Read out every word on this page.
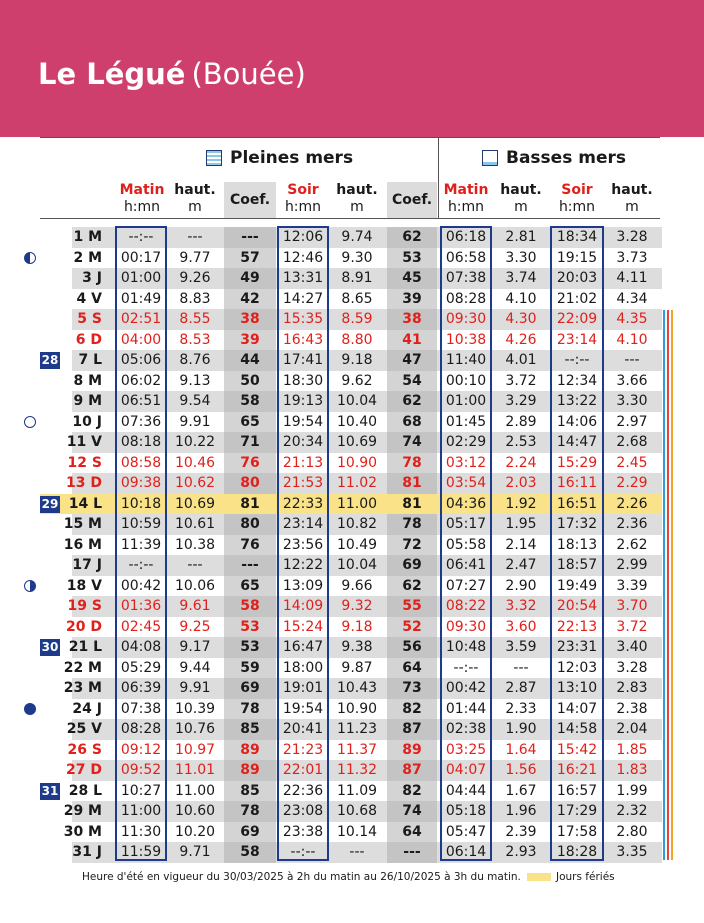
Le Légué (Bouée)
Pleines mers	Basses mers
Matin
h:mn
haut.
m	Coef.
Soir
h:mn
haut.
m	Coef.
Matin
h:mn
haut.
m
Soir
h:mn
haut.
m
1 M	--:--	---	---	12:06	9.74	62	06:18	2.81	18:34	3.28
2 M	00:17	9.77	57	12:46	9.30	53	06:58	3.30	19:15	3.73
3 J	01:00	9.26	49	13:31	8.91	45	07:38	3.74	20:03	4.11
4 V	01:49	8.83	42	14:27	8.65	39	08:28	4.10	21:02	4.34
5 S	02:51	8.55	38	15:35	8.59	38	09:30	4.30	22:09	4.35
6 D	04:00	8.53	39	16:43	8.80	41	10:38	4.26	23:14	4.10
7 L	05:06	8.76	44	17:41	9.18	47	11:40	4.01	--:--	---
8 M	06:02	9.13	50	18:30	9.62	54	00:10	3.72	12:34	3.66
9 M	06:51	9.54	58	19:13 10.04	62	01:00	3.29	13:22	3.30
10 J	07:36	9.91	65	19:54 10.40	68	01:45	2.89	14:06	2.97
11 V	08:18 10.22	71	20:34 10.69	74	02:29	2.53	14:47	2.68
12 S	08:58 10.46	76	21:13 10.90	78	03:12	2.24	15:29	2.45
13 D	09:38 10.62	80	21:53 11.02	81	03:54	2.03	16:11	2.29
14 L	10:18 10.69	81	22:33 11.00	81	04:36	1.92	16:51	2.26
15 M	10:59 10.61	80	23:14 10.82	78	05:17	1.95	17:32	2.36
16 M	11:39 10.38	76	23:56 10.49	72	05:58	2.14	18:13	2.62
17 J	--:--	---	---	12:22 10.04	69	06:41	2.47	18:57	2.99
18 V	00:42 10.06	65	13:09	9.66	62	07:27	2.90	19:49	3.39
19 S	01:36	9.61	58	14:09	9.32	55	08:22	3.32	20:54	3.70
20 D	02:45	9.25	53	15:24	9.18	52	09:30	3.60	22:13	3.72
21 L	04:08	9.17	53	16:47	9.38	56	10:48	3.59	23:31	3.40
22 M	05:29	9.44	59	18:00	9.87	64	--:--	---	12:03	3.28
23 M	06:39	9.91	69	19:01 10.43	73	00:42	2.87	13:10	2.83
24 J	07:38 10.39	78	19:54 10.90	82	01:44	2.33	14:07	2.38
25 V	08:28 10.76	85	20:41 11.23	87	02:38	1.90	14:58	2.04
26 S	09:12 10.97	89	21:23 11.37	89	03:25	1.64	15:42	1.85
27 D	09:52 11.01	89	22:01 11.32	87	04:07	1.56	16:21	1.83
28 L	10:27 11.00	85	22:36 11.09	82	04:44	1.67	16:57	1.99
29 M	11:00 10.60	78	23:08 10.68	74	05:18	1.96	17:29	2.32
30 M	11:30 10.20	69	23:38 10.14	64	05:47	2.39	17:58	2.80
31 J	11:59	9.71	58	--:--	---	---	06:14	2.93	18:28	3.35
28
29
30
31
Heure d'été en vigueur du 30/03/2025 à 2h du matin au 26/10/2025 à 3h du matin.	Jours fériés
